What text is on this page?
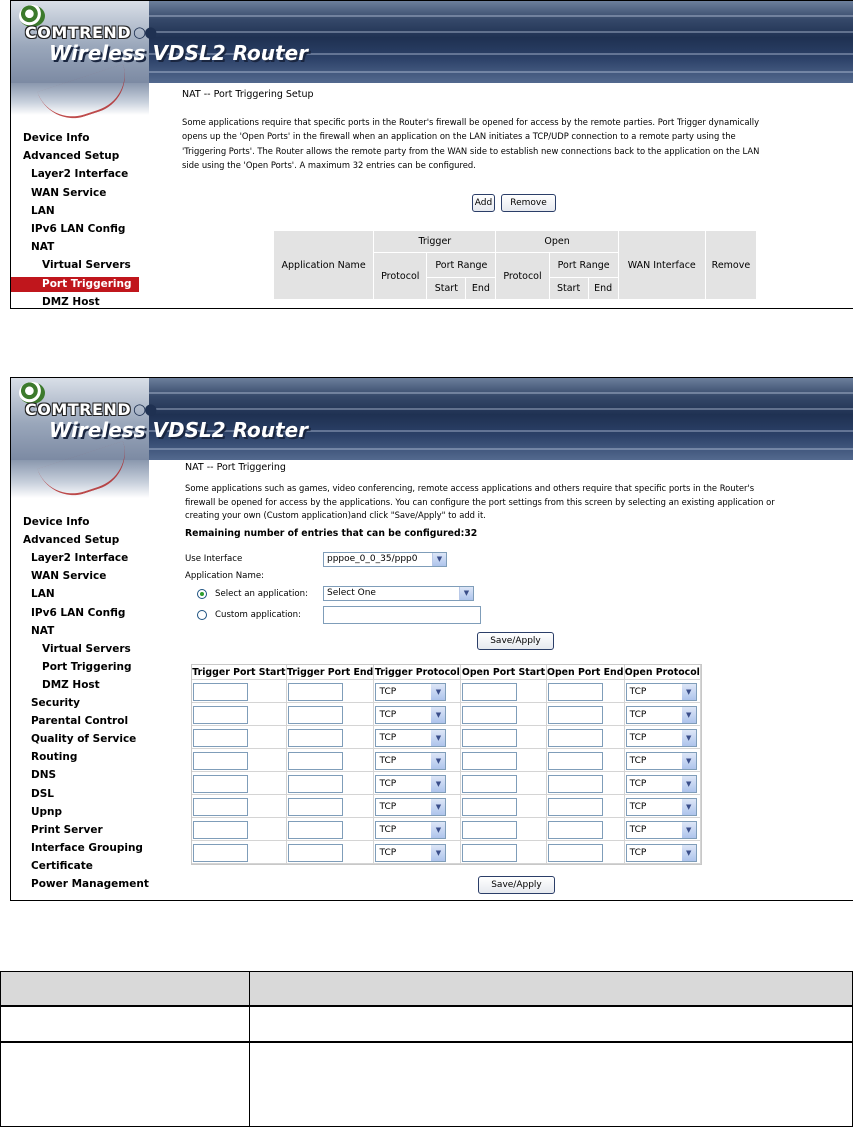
COMTREND ○●
Wireless VDSL2 Router
NAT -- Port Triggering Setup
Some applications require that specific ports in the Router's firewall be opened for access by the remote parties. Port Trigger dynamically
opens up the 'Open Ports' in the firewall when an application on the LAN initiates a TCP/UDP connection to a remote party using the
'Triggering Ports'. The Router allows the remote party from the WAN side to establish new connections back to the application on the LAN
side using the 'Open Ports'. A maximum 32 entries can be configured.
Add	Remove
Application Name	Trigger			Open			WAN Interface	Remove
	Protocol	Port Range		Protocol	Port Range			
		Start	End		Start	End		
Device Info
Advanced Setup
Layer2 Interface
WAN Service
LAN
IPv6 LAN Config
NAT
Virtual Servers
Port Triggering
DMZ Host
COMTREND ○●
Wireless VDSL2 Router
NAT -- Port Triggering
Some applications such as games, video conferencing, remote access applications and others require that specific ports in the Router's
firewall be opened for access by the applications. You can configure the port settings from this screen by selecting an existing application or
creating your own (Custom application)and click "Save/Apply" to add it.
Remaining number of entries that can be configured:32
Use Interface	pppoe_0_0_35/ppp0	▼
Application Name:
Select an application:	Select One	▼
Custom application:
Save/Apply
Trigger Port Start	Trigger Port End	Trigger Protocol	Open Port Start	Open Port End	Open Protocol

		TCP ▼			TCP ▼

		TCP ▼			TCP ▼

		TCP ▼			TCP ▼

		TCP ▼			TCP ▼

		TCP ▼			TCP ▼

		TCP ▼			TCP ▼

		TCP ▼			TCP ▼

		TCP ▼			TCP ▼
Save/Apply
Device Info
Advanced Setup
Layer2 Interface
WAN Service
LAN
IPv6 LAN Config
NAT
Virtual Servers
Port Triggering
DMZ Host
Security
Parental Control
Quality of Service
Routing
DNS
DSL
Upnp
Print Server
Interface Grouping
Certificate
Power Management
